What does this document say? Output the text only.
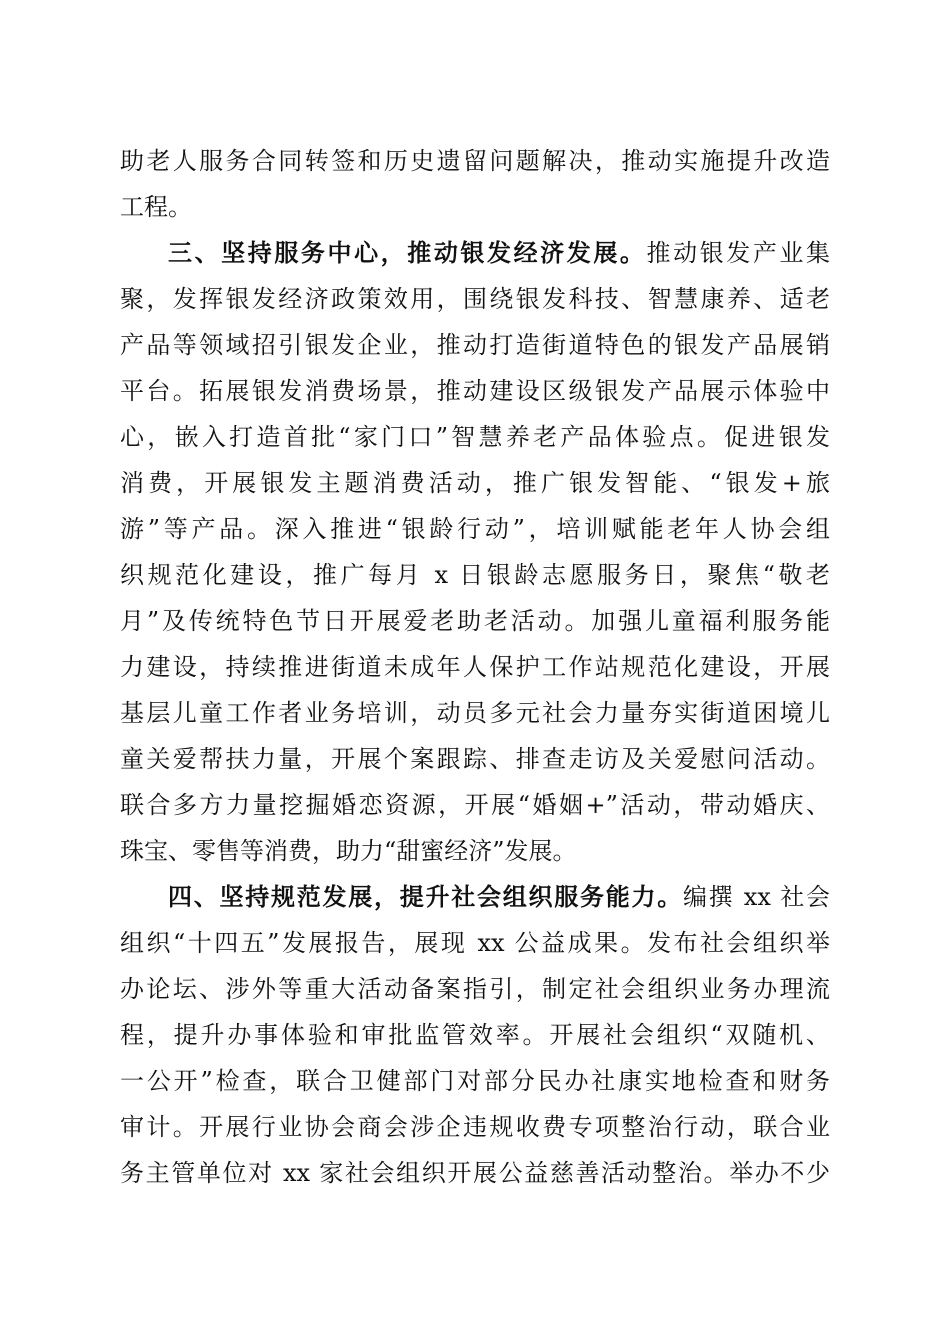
助老人服务合同转签和历史遗留问题解决，推动实施提升改造
工程。
三、坚持服务中心，推动银发经济发展。推动银发产业集
聚，发挥银发经济政策效用，围绕银发科技、智慧康养、适老
产品等领域招引银发企业，推动打造街道特色的银发产品展销
平台。拓展银发消费场景，推动建设区级银发产品展示体验中
心，嵌入打造首批“家门口”智慧养老产品体验点。促进银发
消费，开展银发主题消费活动，推广银发智能、“银发+旅
游”等产品。深入推进“银龄行动”，培训赋能老年人协会组
织规范化建设，推广每月 x 日银龄志愿服务日，聚焦“敬老
月”及传统特色节日开展爱老助老活动。加强儿童福利服务能
力建设，持续推进街道未成年人保护工作站规范化建设，开展
基层儿童工作者业务培训，动员多元社会力量夯实街道困境儿
童关爱帮扶力量，开展个案跟踪、排查走访及关爱慰问活动。
联合多方力量挖掘婚恋资源，开展“婚姻+”活动，带动婚庆、
珠宝、零售等消费，助力“甜蜜经济”发展。
四、坚持规范发展，提升社会组织服务能力。编撰 xx 社会
组织“十四五”发展报告，展现 xx 公益成果。发布社会组织举
办论坛、涉外等重大活动备案指引，制定社会组织业务办理流
程，提升办事体验和审批监管效率。开展社会组织“双随机、
一公开”检查，联合卫健部门对部分民办社康实地检查和财务
审计。开展行业协会商会涉企违规收费专项整治行动，联合业
务主管单位对 xx 家社会组织开展公益慈善活动整治。举办不少
